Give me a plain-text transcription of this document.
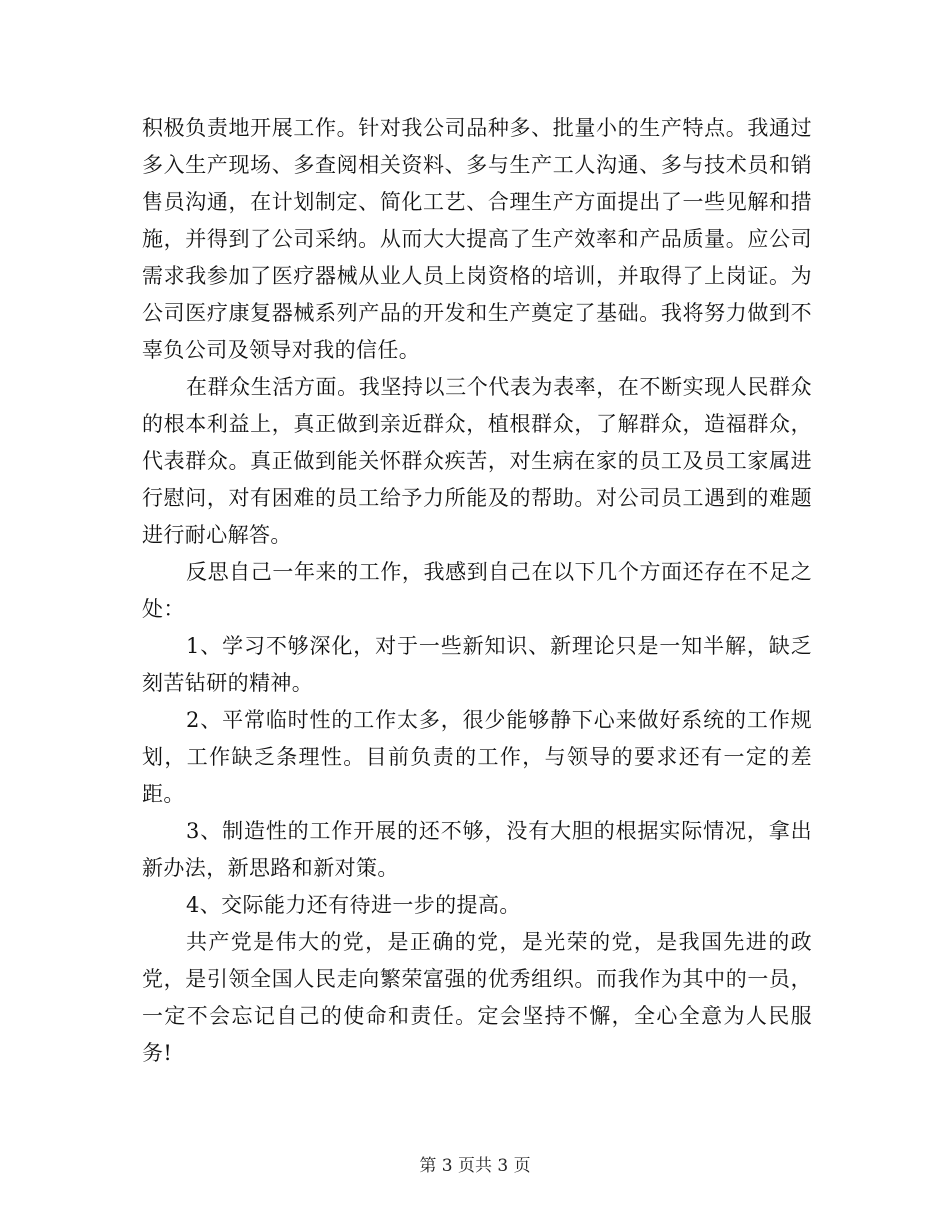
积极负责地开展工作。针对我公司品种多、批量小的生产特点。我通过多入生产现场、多查阅相关资料、多与生产工人沟通、多与技术员和销售员沟通，在计划制定、简化工艺、合理生产方面提出了一些见解和措施，并得到了公司采纳。从而大大提高了生产效率和产品质量。应公司需求我参加了医疗器械从业人员上岗资格的培训，并取得了上岗证。为公司医疗康复器械系列产品的开发和生产奠定了基础。我将努力做到不辜负公司及领导对我的信任。

在群众生活方面。我坚持以三个代表为表率，在不断实现人民群众的根本利益上，真正做到亲近群众，植根群众，了解群众，造福群众，代表群众。真正做到能关怀群众疾苦，对生病在家的员工及员工家属进行慰问，对有困难的员工给予力所能及的帮助。对公司员工遇到的难题进行耐心解答。

反思自己一年来的工作，我感到自己在以下几个方面还存在不足之处：

1、学习不够深化，对于一些新知识、新理论只是一知半解，缺乏刻苦钻研的精神。

2、平常临时性的工作太多，很少能够静下心来做好系统的工作规划，工作缺乏条理性。目前负责的工作，与领导的要求还有一定的差距。

3、制造性的工作开展的还不够，没有大胆的根据实际情况，拿出新办法，新思路和新对策。

4、交际能力还有待进一步的提高。

共产党是伟大的党，是正确的党，是光荣的党，是我国先进的政党，是引领全国人民走向繁荣富强的优秀组织。而我作为其中的一员，一定不会忘记自己的使命和责任。定会坚持不懈，全心全意为人民服务!

第 3 页共 3 页
